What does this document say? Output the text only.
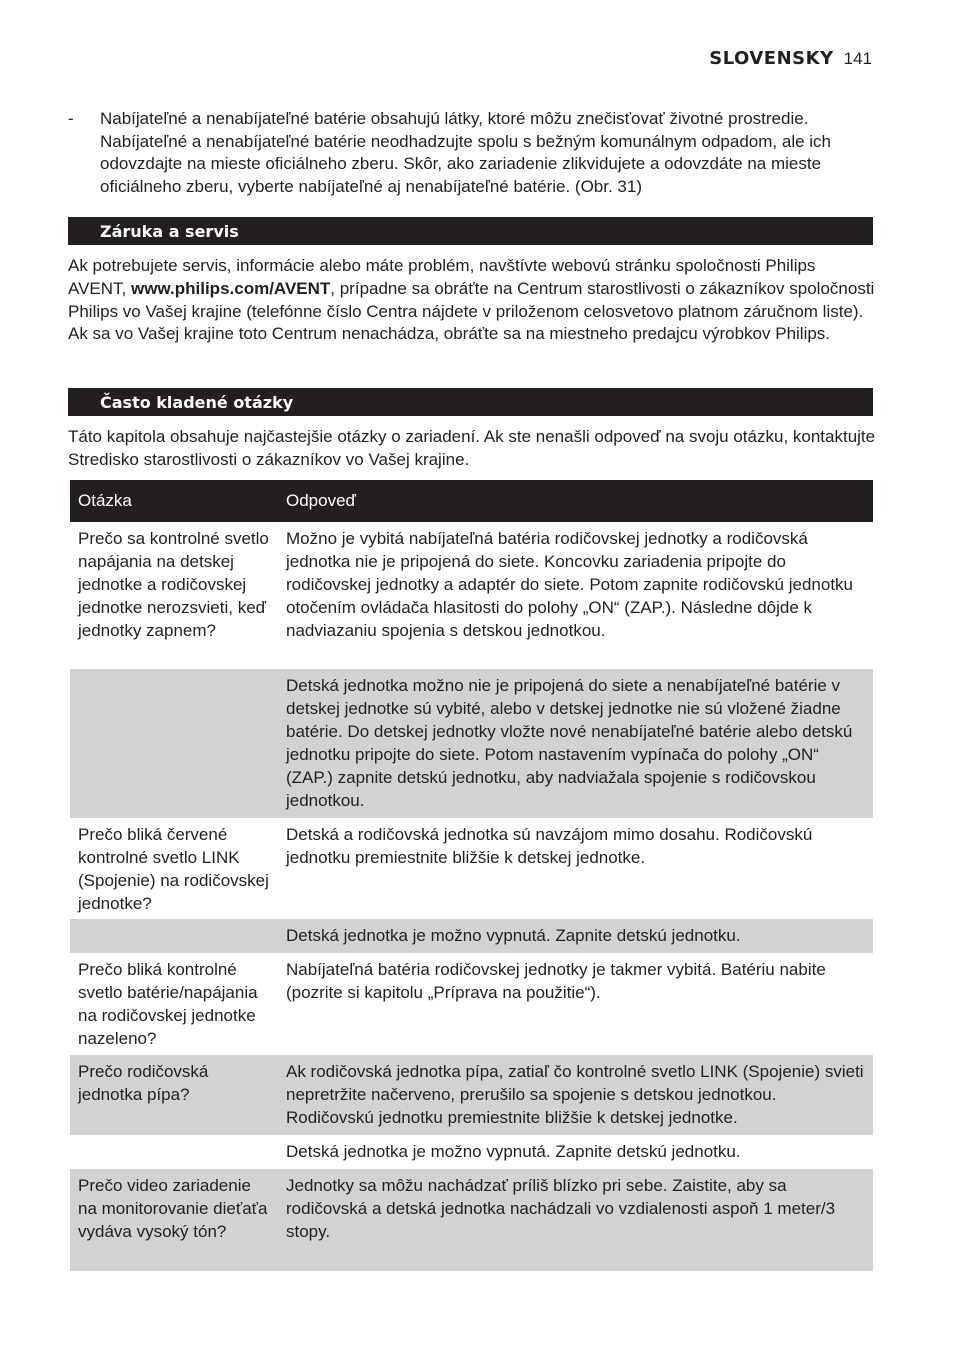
SLOVENSKY 141
-	Nabíjateľné a nenabíjateľné batérie obsahujú látky, ktoré môžu znečisťovať životné prostredie. Nabíjateľné a nenabíjateľné batérie neodhadzujte spolu s bežným komunálnym odpadom, ale ich odovzdajte na mieste oficiálneho zberu. Skôr, ako zariadenie zlikvidujete a odovzdáte na mieste oficiálneho zberu, vyberte nabíjateľné aj nenabíjateľné batérie. (Obr. 31)
Záruka a servis

Ak potrebujete servis, informácie alebo máte problém, navštívte webovú stránku spoločnosti Philips AVENT, www.philips.com/AVENT, prípadne sa obráťte na Centrum starostlivosti o zákazníkov spoločnosti Philips vo Vašej krajine (telefónne číslo Centra nájdete v priloženom celosvetovo platnom záručnom liste). Ak sa vo Vašej krajine toto Centrum nenachádza, obráťte sa na miestneho predajcu výrobkov Philips.

Často kladené otázky

Táto kapitola obsahuje najčastejšie otázky o zariadení. Ak ste nenašli odpoveď na svoju otázku, kontaktujte Stredisko starostlivosti o zákazníkov vo Vašej krajine.

Otázka	Odpoveď
Prečo sa kontrolné svetlo napájania na detskej jednotke a rodičovskej jednotke nerozsvieti, keď jednotky zapnem?
Možno je vybitá nabíjateľná batéria rodičovskej jednotky a rodičovská jednotka nie je pripojená do siete. Koncovku zariadenia pripojte do rodičovskej jednotky a adaptér do siete. Potom zapnite rodičovskú jednotku otočením ovládača hlasitosti do polohy „ON“ (ZAP.). Následne dôjde k nadviazaniu spojenia s detskou jednotkou.
Detská jednotka možno nie je pripojená do siete a nenabíjateľné batérie v detskej jednotke sú vybité, alebo v detskej jednotke nie sú vložené žiadne batérie. Do detskej jednotky vložte nové nenabíjateľné batérie alebo detskú jednotku pripojte do siete. Potom nastavením vypínača do polohy „ON“ (ZAP.) zapnite detskú jednotku, aby nadviažala spojenie s rodičovskou jednotkou.
Prečo bliká červené kontrolné svetlo LINK (Spojenie) na rodičovskej jednotke?
Detská a rodičovská jednotka sú navzájom mimo dosahu. Rodičovskú jednotku premiestnite bližšie k detskej jednotke.
Detská jednotka je možno vypnutá. Zapnite detskú jednotku.
Prečo bliká kontrolné svetlo batérie/napájania na rodičovskej jednotke nazeleno?
Nabíjateľná batéria rodičovskej jednotky je takmer vybitá. Batériu nabite (pozrite si kapitolu „Príprava na použitie“).
Prečo rodičovská jednotka pípa?
Ak rodičovská jednotka pípa, zatiaľ čo kontrolné svetlo LINK (Spojenie) svieti nepretržite načerveno, prerušilo sa spojenie s detskou jednotkou. Rodičovskú jednotku premiestnite bližšie k detskej jednotke.
Detská jednotka je možno vypnutá. Zapnite detskú jednotku.
Prečo video zariadenie na monitorovanie dieťaťa vydáva vysoký tón?
Jednotky sa môžu nachádzať príliš blízko pri sebe. Zaistite, aby sa rodičovská a detská jednotka nachádzali vo vzdialenosti aspoň 1 meter/3 stopy.
